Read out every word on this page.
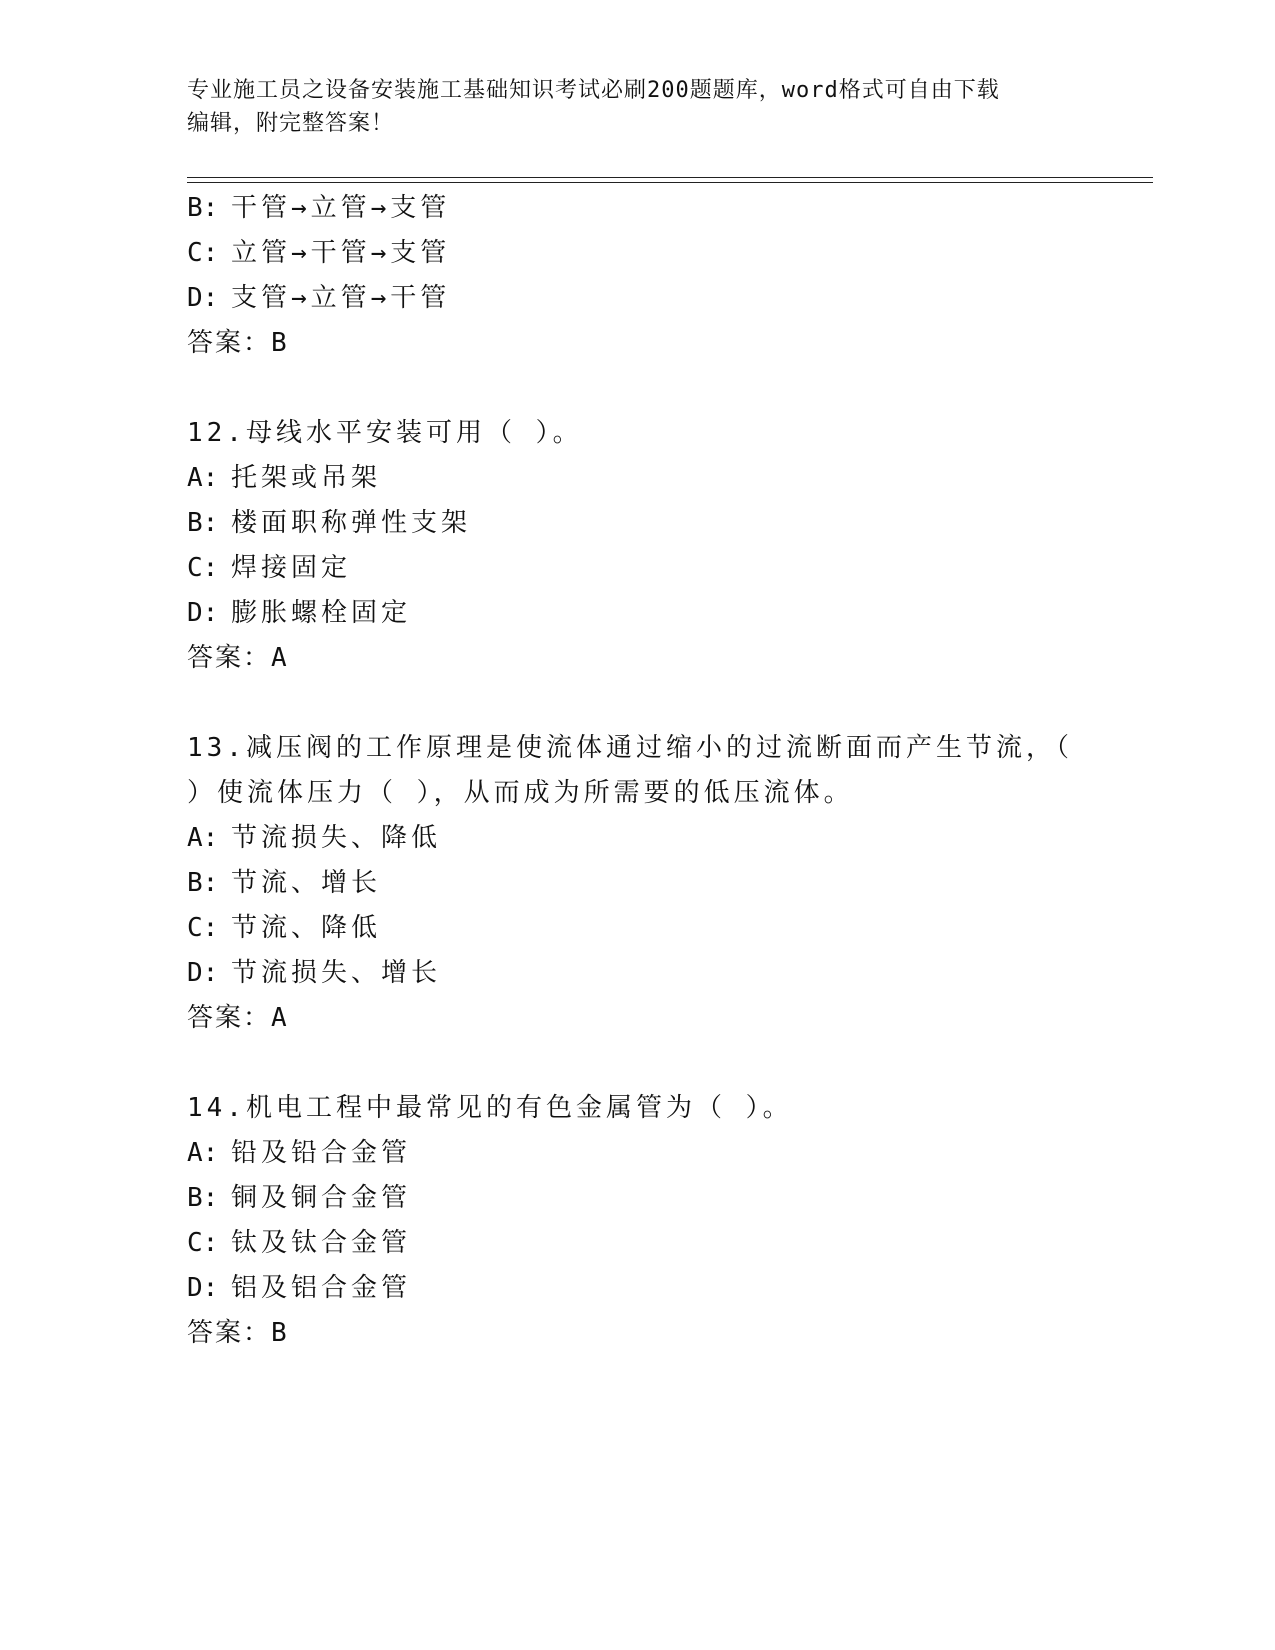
专业施工员之设备安装施工基础知识考试必刷200题题库，word格式可自由下载
编辑，附完整答案！
B: 干管→立管→支管
C: 立管→干管→支管
D: 支管→立管→干管
答案：B
12.母线水平安装可用（ ）。
A: 托架或吊架
B: 楼面职称弹性支架
C: 焊接固定
D: 膨胀螺栓固定
答案：A
13.减压阀的工作原理是使流体通过缩小的过流断面而产生节流，（
）使流体压力（ ），从而成为所需要的低压流体。
A: 节流损失、降低
B: 节流、增长
C: 节流、降低
D: 节流损失、增长
答案：A
14.机电工程中最常见的有色金属管为（ ）。
A: 铅及铅合金管
B: 铜及铜合金管
C: 钛及钛合金管
D: 铝及铝合金管
答案：B
